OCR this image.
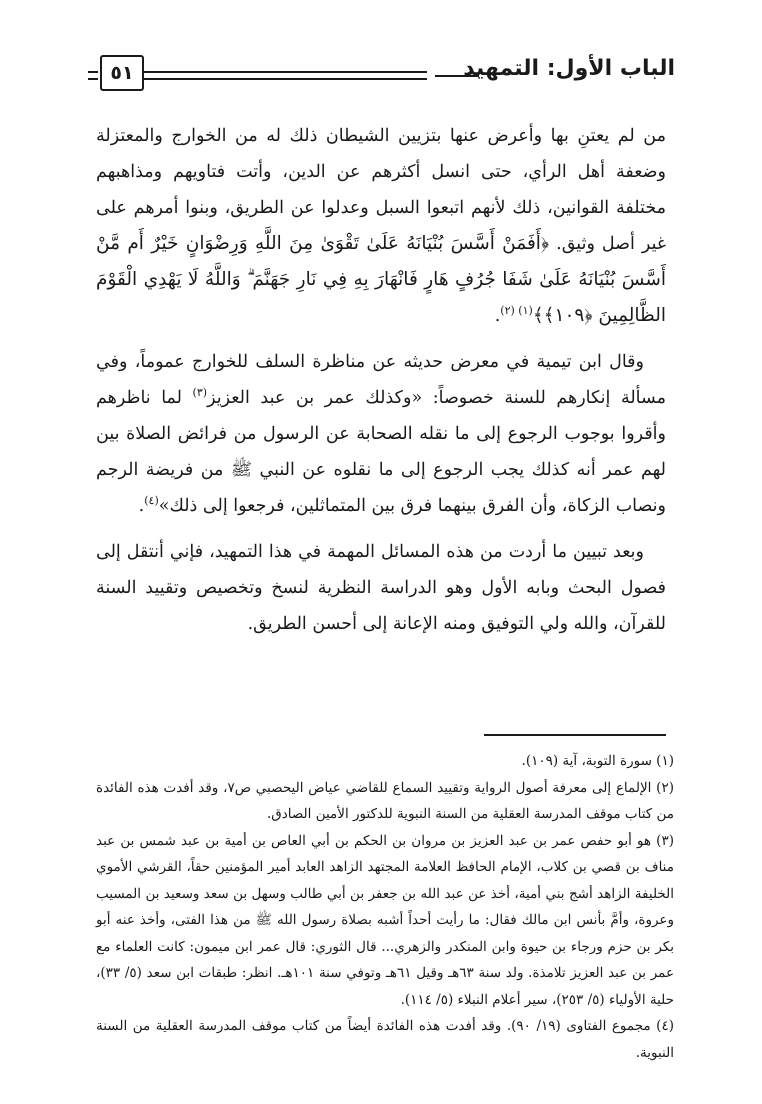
الباب الأول: التمهيد
٥١

من لم يعتنِ بها وأعرض عنها بتزيين الشيطان ذلك له من الخوارج والمعتزلة وضعفة أهل الرأي، حتى انسل أكثرهم عن الدين، وأتت فتاويهم ومذاهبهم مختلفة القوانين، ذلك لأنهم اتبعوا السبل وعدلوا عن الطريق، وبنوا أمرهم على غير أصل وثيق. ﴿أَفَمَنْ أَسَّسَ بُنْيَانَهُ عَلَىٰ تَقْوَىٰ مِنَ اللَّهِ وَرِضْوَانٍ خَيْرٌ أَم مَّنْ أَسَّسَ بُنْيَانَهُ عَلَىٰ شَفَا جُرُفٍ هَارٍ فَانْهَارَ بِهِ فِي نَارِ جَهَنَّمَ ۗ وَاللَّهُ لَا يَهْدِي الْقَوْمَ الظَّالِمِينَ ﴿١٠٩﴾﴾$^{(١) (٢)}$.

وقال ابن تيمية في معرض حديثه عن مناظرة السلف للخوارج عموماً، وفي مسألة إنكارهم للسنة خصوصاً: «وكذلك عمر بن عبد العزيز$^{(٣)}$ لما ناظرهم وأقروا بوجوب الرجوع إلى ما نقله الصحابة عن الرسول من فرائض الصلاة بين لهم عمر أنه كذلك يجب الرجوع إلى ما نقلوه عن النبي ﷺ من فريضة الرجم ونصاب الزكاة، وأن الفرق بينهما فرق بين المتماثلين، فرجعوا إلى ذلك»$^{(٤)}$.

وبعد تبيين ما أردت من هذه المسائل المهمة في هذا التمهيد، فإني أنتقل إلى فصول البحث وبابه الأول وهو الدراسة النظرية لنسخ وتخصيص وتقييد السنة للقرآن، والله ولي التوفيق ومنه الإعانة إلى أحسن الطريق.

(١) سورة التوبة، آية (١٠٩).

(٢) الإلماع إلى معرفة أصول الرواية وتقييد السماع للقاضي عياض اليحصبي ص٧، وقد أفدت هذه الفائدة من كتاب موقف المدرسة العقلية من السنة النبوية للدكتور الأمين الصادق.

(٣) هو أبو حفص عمر بن عبد العزيز بن مروان بن الحكم بن أبي العاص بن أمية بن عبد شمس بن عبد مناف بن قصي بن كلاب، الإمام الحافظ العلامة المجتهد الزاهد العابد أمير المؤمنين حقاً، القرشي الأموي الخليفة الزاهد أشج بني أمية، أخذ عن عبد الله بن جعفر بن أبي طالب وسهل بن سعد وسعيد بن المسيب وعروة، وأمَّ بأنس ابن مالك فقال: ما رأيت أحداً أشبه بصلاة رسول الله ﷺ من هذا الفتى، وأخذ عنه أبو بكر بن حزم ورجاء بن حيوة وابن المنكدر والزهري... قال الثوري: قال عمر ابن ميمون: كانت العلماء مع عمر بن عبد العزيز تلامذة. ولد سنة ٦٣هـ وقيل ٦١هـ وتوفي سنة ١٠١هـ. انظر: طبقات ابن سعد (٥/ ٣٣)، حلية الأولياء (٥/ ٢٥٣)، سير أعلام النبلاء (٥/ ١١٤).

(٤) مجموع الفتاوى (١٩/ ٩٠). وقد أفدت هذه الفائدة أيضاً من كتاب موقف المدرسة العقلية من السنة النبوية.
